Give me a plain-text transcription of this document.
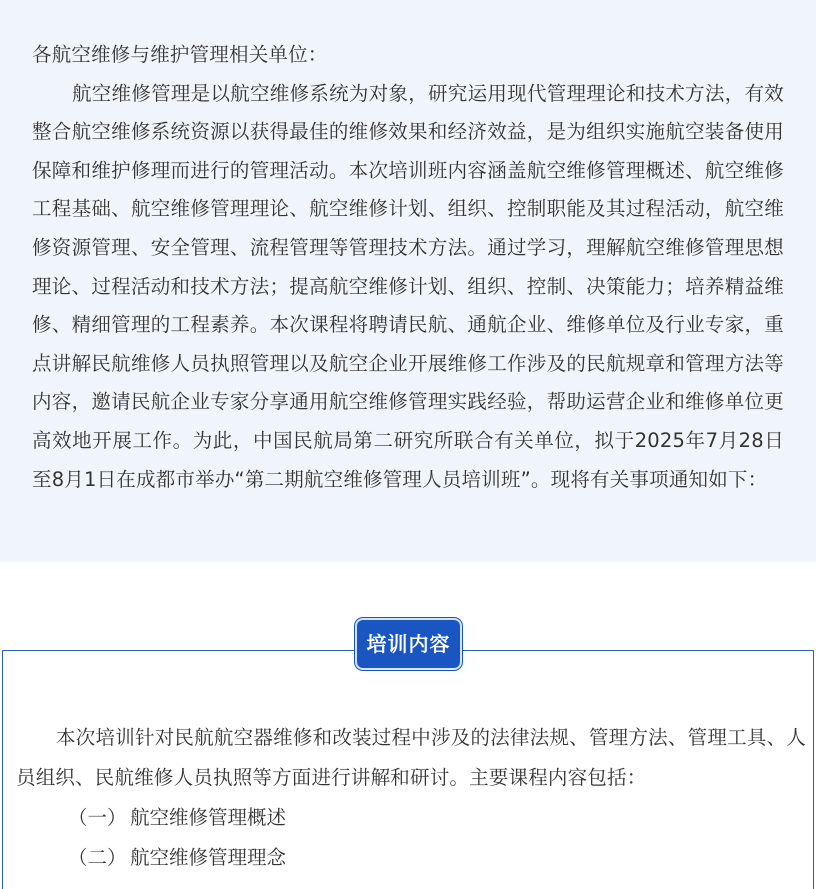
各航空维修与维护管理相关单位：

航空维修管理是以航空维修系统为对象，研究运用现代管理理论和技术方法，有效整合航空维修系统资源以获得最佳的维修效果和经济效益，是为组织实施航空装备使用保障和维护修理而进行的管理活动。本次培训班内容涵盖航空维修管理概述、航空维修工程基础、航空维修管理理论、航空维修计划、组织、控制职能及其过程活动，航空维修资源管理、安全管理、流程管理等管理技术方法。通过学习，理解航空维修管理思想理论、过程活动和技术方法；提高航空维修计划、组织、控制、决策能力；培养精益维修、精细管理的工程素养。本次课程将聘请民航、通航企业、维修单位及行业专家，重点讲解民航维修人员执照管理以及航空企业开展维修工作涉及的民航规章和管理方法等内容，邀请民航企业专家分享通用航空维修管理实践经验，帮助运营企业和维修单位更高效地开展工作。为此，中国民航局第二研究所联合有关单位，拟于2025年7月28日至8月1日在成都市举办“第二期航空维修管理人员培训班”。现将有关事项通知如下：

培训内容

本次培训针对民航航空器维修和改装过程中涉及的法律法规、管理方法、管理工具、人员组织、民航维修人员执照等方面进行讲解和研讨。主要课程内容包括：

（一） 航空维修管理概述
（二） 航空维修管理理念
